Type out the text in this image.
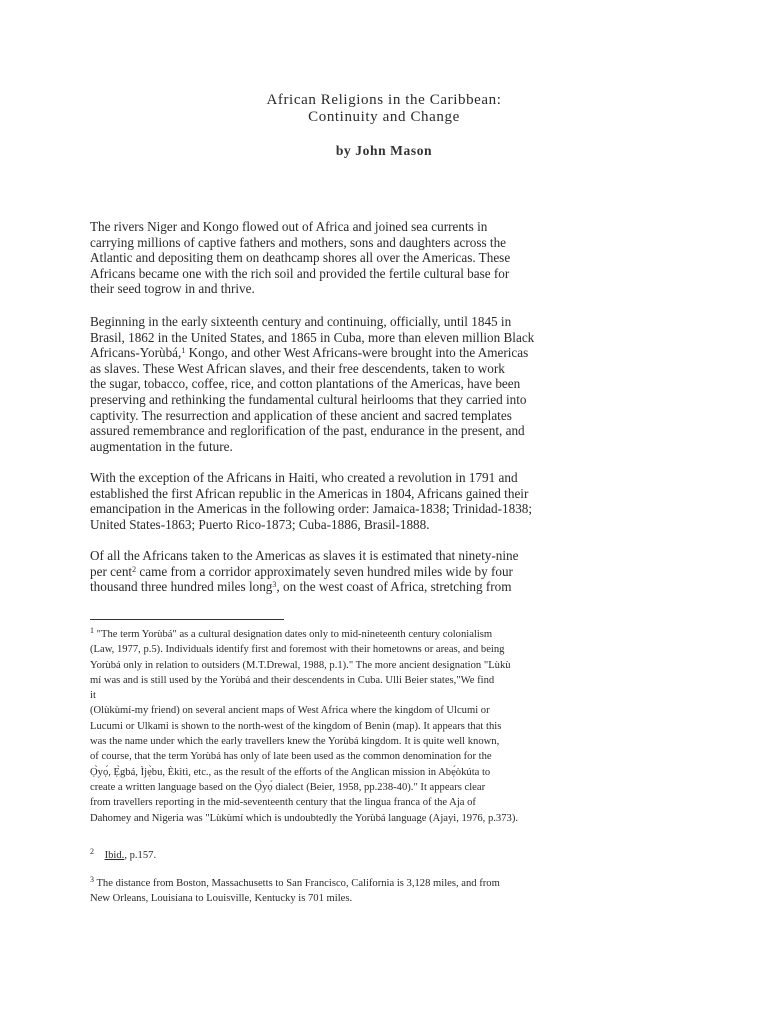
African Religions in the Caribbean:
Continuity and Change
by John Mason
The rivers Niger and Kongo flowed out of Africa and joined sea currents in
carrying millions of captive fathers and mothers, sons and daughters across the
Atlantic and depositing them on deathcamp shores all over the Americas. These
Africans became one with the rich soil and provided the fertile cultural base for
their seed togrow in and thrive.
Beginning in the early sixteenth century and continuing, officially, until 1845 in
Brasil, 1862 in the United States, and 1865 in Cuba, more than eleven million Black
Africans-Yorùbá,$^1$ Kongo, and other West Africans-were brought into the Americas
as slaves. These West African slaves, and their free descendents, taken to work
the sugar, tobacco, coffee, rice, and cotton plantations of the Americas, have been
preserving and rethinking the fundamental cultural heirlooms that they carried into
captivity. The resurrection and application of these ancient and sacred templates
assured remembrance and reglorification of the past, endurance in the present, and
augmentation in the future.
With the exception of the Africans in Haiti, who created a revolution in 1791 and
established the first African republic in the Americas in 1804, Africans gained their
emancipation in the Americas in the following order: Jamaica-1838; Trinidad-1838;
United States-1863; Puerto Rico-1873; Cuba-1886, Brasil-1888.
Of all the Africans taken to the Americas as slaves it is estimated that ninety-nine
per cent$^2$ came from a corridor approximately seven hundred miles wide by four
thousand three hundred miles long$^3$, on the west coast of Africa, stretching from
$^1$ "The term Yorùbá" as a cultural designation dates only to mid-nineteenth century colonialism
(Law, 1977, p.5). Individuals identify first and foremost with their hometowns or areas, and being
Yorùbá only in relation to outsiders (M.T.Drewal, 1988, p.1)." The more ancient designation "Lùkù
mí was and is still used by the Yorùbá and their descendents in Cuba. Ulli Beier states,"We find
it
(Olùkùmí-my friend) on several ancient maps of West Africa where the kingdom of Ulcumi or
Lucumi or Ulkami is shown to the north-west of the kingdom of Benin (map). It appears that this
was the name under which the early travellers knew the Yorùbá kingdom. It is quite well known,
of course, that the term Yorùbá has only of late been used as the common denomination for the
Ọ̀yọ́, Ẹ̀gbá, Ìjẹ̀bu, Èkìtì, etc., as the result of the efforts of the Anglican mission in Abẹ́òkúta to
create a written language based on the Ọ̀yọ́ dialect (Beier, 1958, pp.238-40)." It appears clear
from travellers reporting in the mid-seventeenth century that the lingua franca of the Aja of
Dahomey and Nigeria was "Lùkùmí which is undoubtedly the Yorùbá language (Ajayi, 1976, p.373).
$^2$ Ibid., p.157.
$^3$ The distance from Boston, Massachusetts to San Francisco, California is 3,128 miles, and from
New Orleans, Louisiana to Louisville, Kentucky is 701 miles.
